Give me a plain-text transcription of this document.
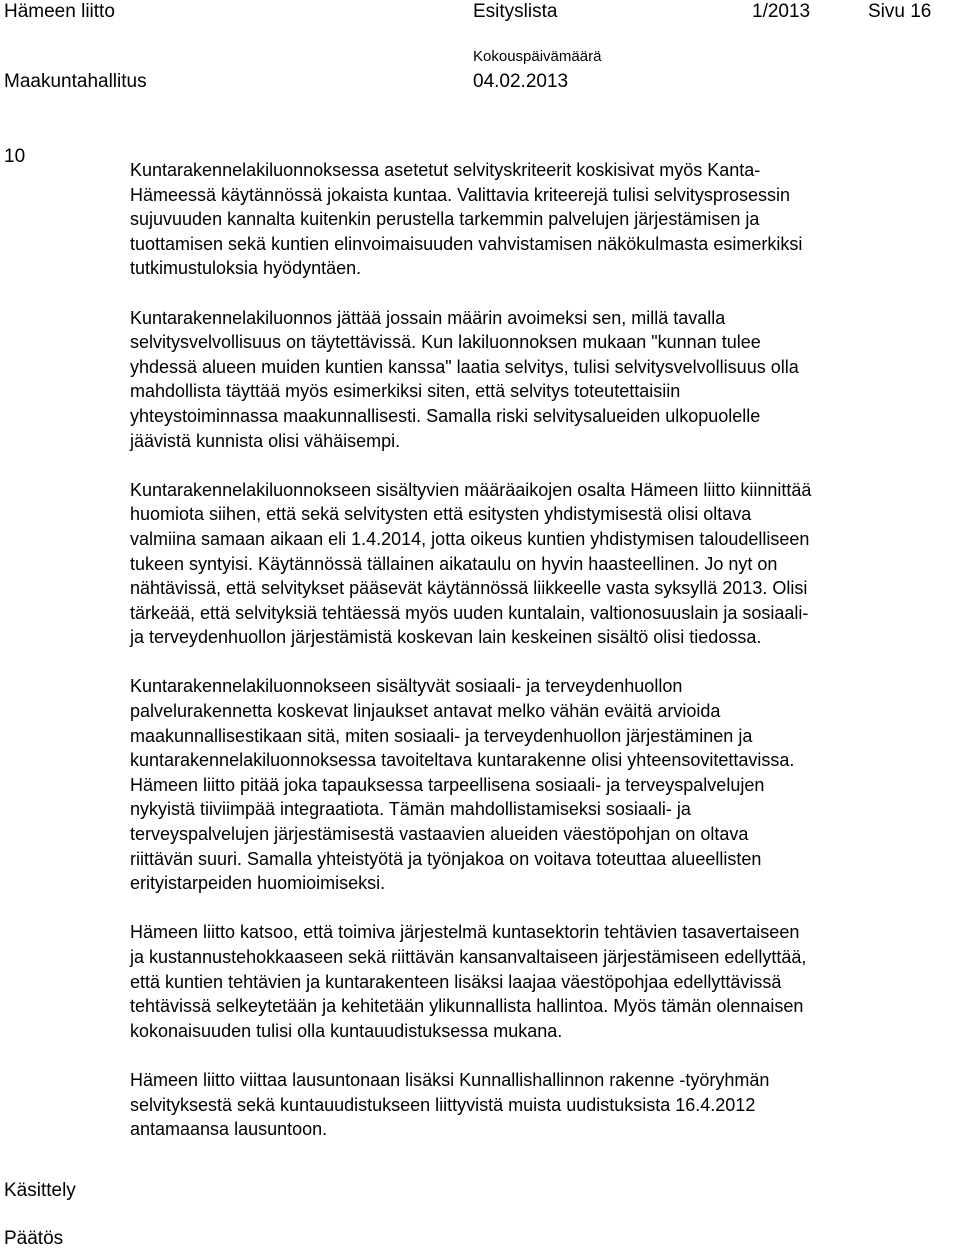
Hämeen liitto	Esityslista	1/2013	Sivu 16
Kokouspäivämäärä
Maakuntahallitus	04.02.2013
10
Kuntarakennelakiluonnoksessa asetetut selvityskriteerit koskisivat myös Kanta-
Hämeessä käytännössä jokaista kuntaa. Valittavia kriteerejä tulisi selvitysprosessin
sujuvuuden kannalta kuitenkin perustella tarkemmin palvelujen järjestämisen ja
tuottamisen sekä kuntien elinvoimaisuuden vahvistamisen näkökulmasta esimerkiksi
tutkimustuloksia hyödyntäen.
Kuntarakennelakiluonnos jättää jossain määrin avoimeksi sen, millä tavalla
selvitysvelvollisuus on täytettävissä. Kun lakiluonnoksen mukaan "kunnan tulee
yhdessä alueen muiden kuntien kanssa" laatia selvitys, tulisi selvitysvelvollisuus olla
mahdollista täyttää myös esimerkiksi siten, että selvitys toteutettaisiin
yhteystoiminnassa maakunnallisesti. Samalla riski selvitysalueiden ulkopuolelle
jäävistä kunnista olisi vähäisempi.
Kuntarakennelakiluonnokseen sisältyvien määräaikojen osalta Hämeen liitto kiinnittää
huomiota siihen, että sekä selvitysten että esitysten yhdistymisestä olisi oltava
valmiina samaan aikaan eli 1.4.2014, jotta oikeus kuntien yhdistymisen taloudelliseen
tukeen syntyisi. Käytännössä tällainen aikataulu on hyvin haasteellinen. Jo nyt on
nähtävissä, että selvitykset pääsevät käytännössä liikkeelle vasta syksyllä 2013. Olisi
tärkeää, että selvityksiä tehtäessä myös uuden kuntalain, valtionosuuslain ja sosiaali-
ja terveydenhuollon järjestämistä koskevan lain keskeinen sisältö olisi tiedossa.
Kuntarakennelakiluonnokseen sisältyvät sosiaali- ja terveydenhuollon
palvelurakennetta koskevat linjaukset antavat melko vähän eväitä arvioida
maakunnallisestikaan sitä, miten sosiaali- ja terveydenhuollon järjestäminen ja
kuntarakennelakiluonnoksessa tavoiteltava kuntarakenne olisi yhteensovitettavissa.
Hämeen liitto pitää joka tapauksessa tarpeellisena sosiaali- ja terveyspalvelujen
nykyistä tiiviimpää integraatiota. Tämän mahdollistamiseksi sosiaali- ja
terveyspalvelujen järjestämisestä vastaavien alueiden väestöpohjan on oltava
riittävän suuri. Samalla yhteistyötä ja työnjakoa on voitava toteuttaa alueellisten
erityistarpeiden huomioimiseksi.
Hämeen liitto katsoo, että toimiva järjestelmä kuntasektorin tehtävien tasavertaiseen
ja kustannustehokkaaseen sekä riittävän kansanvaltaiseen järjestämiseen edellyttää,
että kuntien tehtävien ja kuntarakenteen lisäksi laajaa väestöpohjaa edellyttävissä
tehtävissä selkeytetään ja kehitetään ylikunnallista hallintoa. Myös tämän olennaisen
kokonaisuuden tulisi olla kuntauudistuksessa mukana.
Hämeen liitto viittaa lausuntonaan lisäksi Kunnallishallinnon rakenne -työryhmän
selvityksestä sekä kuntauudistukseen liittyvistä muista uudistuksista 16.4.2012
antamaansa lausuntoon.
Käsittely
Päätös
